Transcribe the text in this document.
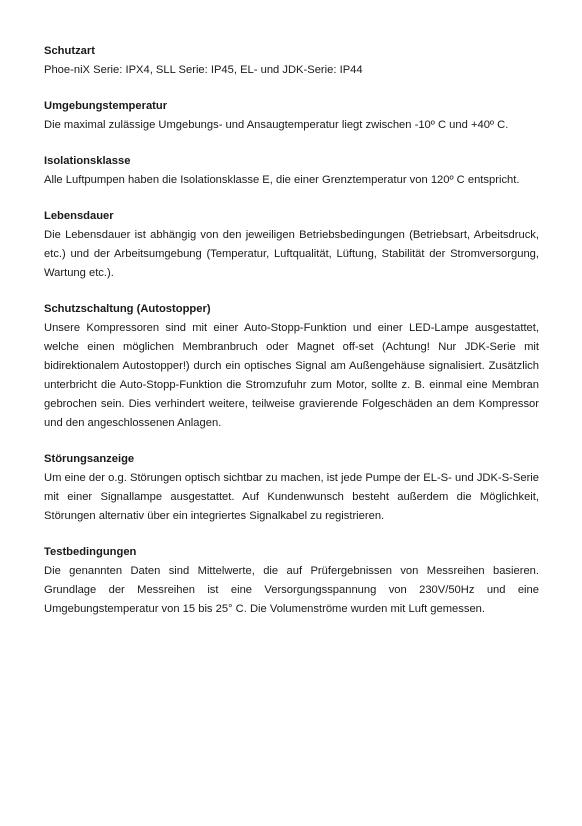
Schutzart

Phoe-niX Serie: IPX4, SLL Serie: IP45, EL- und JDK-Serie: IP44

Umgebungstemperatur

Die maximal zulässige Umgebungs- und Ansaugtemperatur liegt zwischen -10º C und +40º C.

Isolationsklasse

Alle Luftpumpen haben die Isolationsklasse E, die einer Grenztemperatur von 120º C entspricht.

Lebensdauer

Die Lebensdauer ist abhängig von den jeweiligen Betriebsbedingungen (Betriebsart, Arbeitsdruck, etc.) und der Arbeitsumgebung (Temperatur, Luftqualität, Lüftung, Stabilität der Stromversorgung, Wartung etc.).

Schutzschaltung (Autostopper)

Unsere Kompressoren sind mit einer Auto-Stopp-Funktion und einer LED-Lampe ausgestattet, welche einen möglichen Membranbruch oder Magnet off-set (Achtung! Nur JDK-Serie mit bidirektionalem Autostopper!) durch ein optisches Signal am Außengehäuse signalisiert. Zusätzlich unterbricht die Auto-Stopp-Funktion die Stromzufuhr zum Motor, sollte z. B. einmal eine Membran gebrochen sein. Dies verhindert weitere, teilweise gravierende Folgeschäden an dem Kompressor und den angeschlossenen Anlagen.

Störungsanzeige

Um eine der o.g. Störungen optisch sichtbar zu machen, ist jede Pumpe der EL-S- und JDK-S-Serie mit einer Signallampe ausgestattet. Auf Kundenwunsch besteht außerdem die Möglichkeit, Störungen alternativ über ein integriertes Signalkabel zu registrieren.

Testbedingungen

Die genannten Daten sind Mittelwerte, die auf Prüfergebnissen von Messreihen basieren. Grundlage der Messreihen ist eine Versorgungsspannung von 230V/50Hz und eine Umgebungstemperatur von 15 bis 25° C. Die Volumenströme wurden mit Luft gemessen.
